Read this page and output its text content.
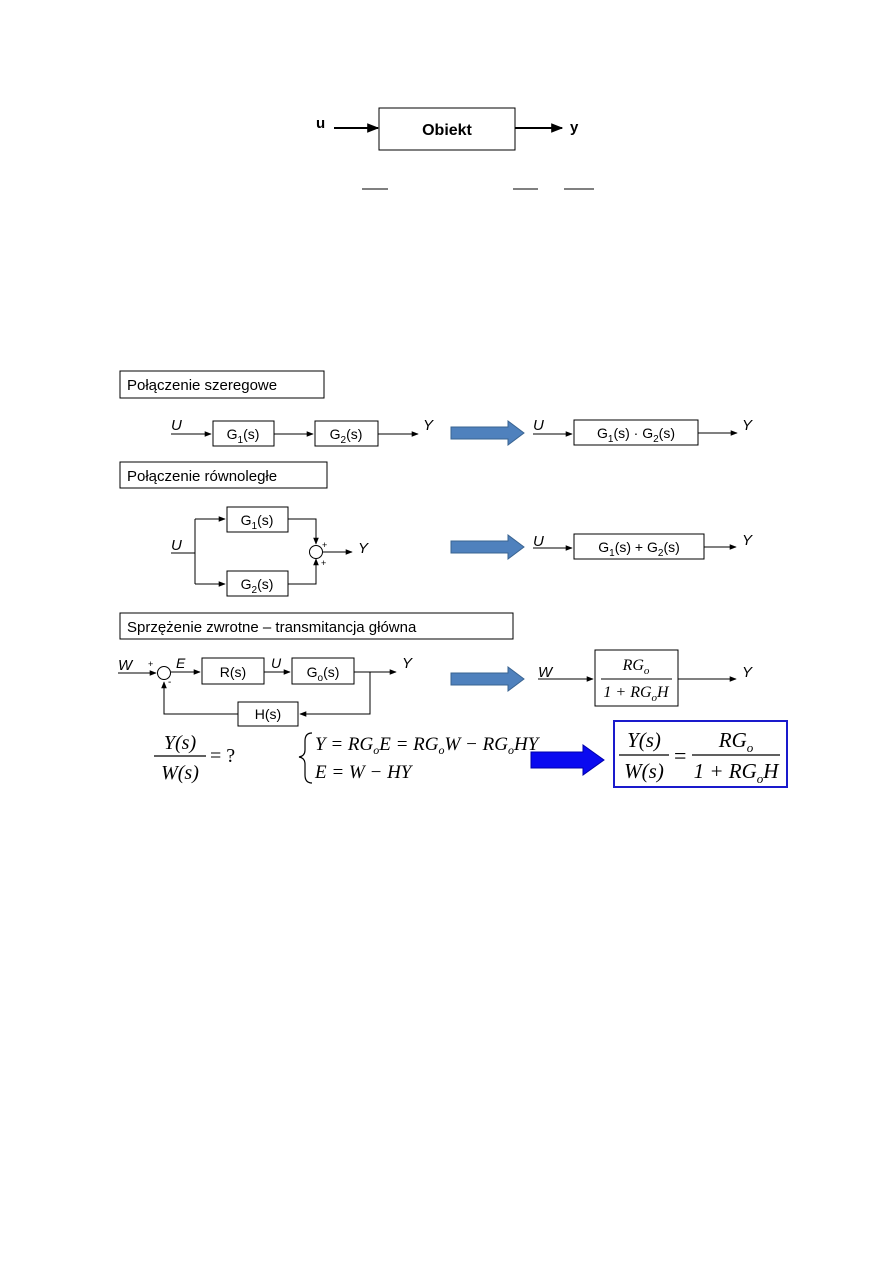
u	Obiekt	y
Połączenie szeregowe
U	$G_1(s)$	$G_2(s)$	Y	U	$G_1(s) \cdot G_2(s)$	Y
Połączenie równoległe
U
$G_1(s)$
$G_2(s)$
+
+
Y	U	$G_1(s) + G_2(s)$	Y
Sprzężenie zwrotne – transmitancja główna
W +
-
E
R(s)
U
$G_o(s)$	Y
H(s)
W	$RG_o$
$1 + RG_oH$
Y
Y(s)
W(s)
= ?
$Y = RG_oE = RG_oW - RG_oHY$
E = W − HY
Y(s)
W(s)
=
$RG_o$
$1 + RG_oH$
